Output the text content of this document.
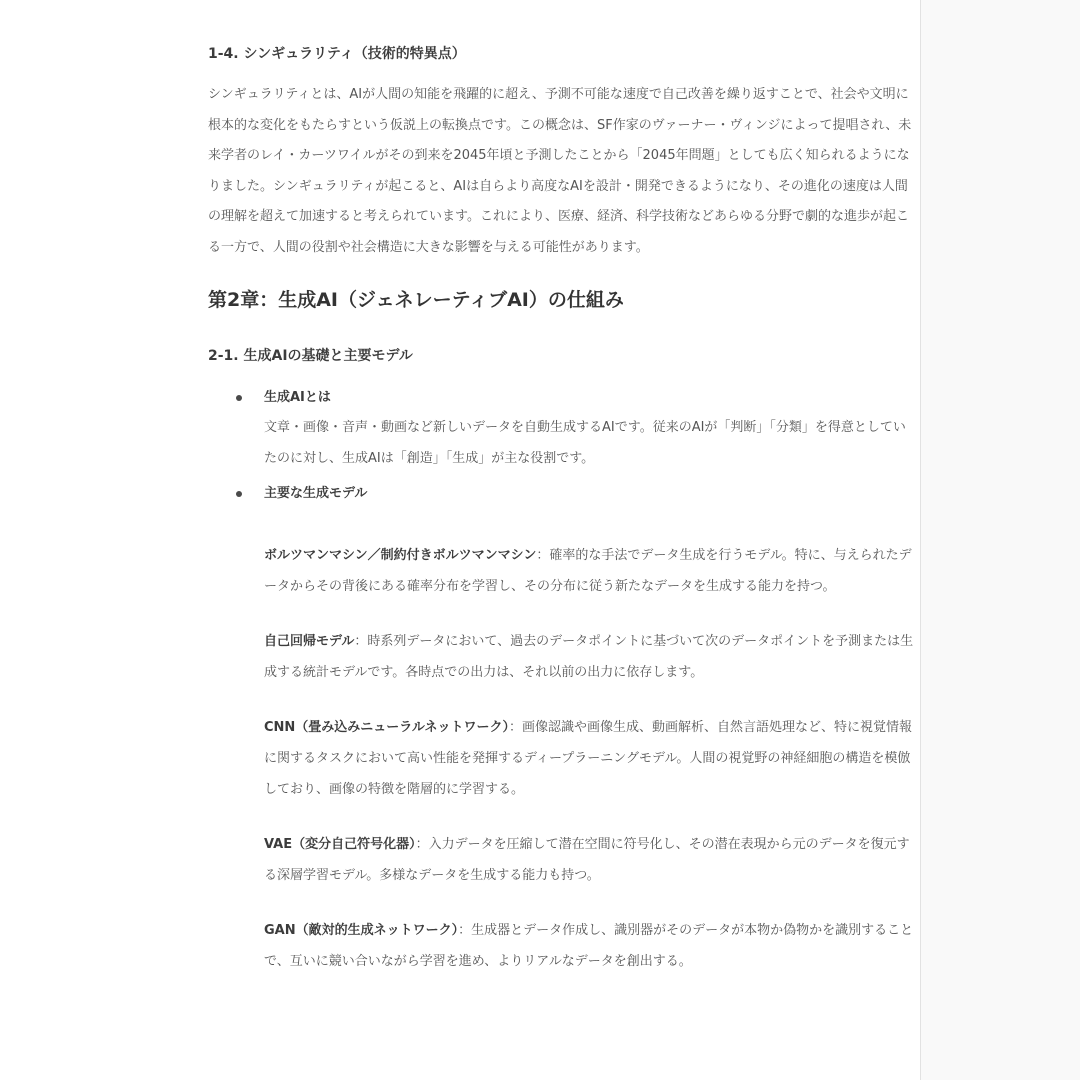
1-4. シンギュラリティ（技術的特異点）

シンギュラリティとは、AIが人間の知能を飛躍的に超え、予測不可能な速度で自己改善を繰り返すことで、社会や文明に根本的な変化をもたらすという仮説上の転換点です。この概念は、SF作家のヴァーナー・ヴィンジによって提唱され、未来学者のレイ・カーツワイルがその到来を2045年頃と予測したことから「2045年問題」としても広く知られるようになりました。シンギュラリティが起こると、AIは自らより高度なAIを設計・開発できるようになり、その進化の速度は人間の理解を超えて加速すると考えられています。これにより、医療、経済、科学技術などあらゆる分野で劇的な進歩が起こる一方で、人間の役割や社会構造に大きな影響を与える可能性があります。

第2章：生成AI（ジェネレーティブAI）の仕組み
2-1. 生成AIの基礎と主要モデル
生成AIとは
文章・画像・音声・動画など新しいデータを自動生成するAIです。従来のAIが「判断」「分類」を得意としていたのに対し、生成AIは「創造」「生成」が主な役割です。
主要な生成モデル

ボルツマンマシン／制約付きボルツマンマシン：確率的な手法でデータ生成を行うモデル。特に、与えられたデータからその背後にある確率分布を学習し、その分布に従う新たなデータを生成する能力を持つ。

自己回帰モデル：時系列データにおいて、過去のデータポイントに基づいて次のデータポイントを予測または生成する統計モデルです。各時点での出力は、それ以前の出力に依存します。

CNN（畳み込みニューラルネットワーク）：画像認識や画像生成、動画解析、自然言語処理など、特に視覚情報に関するタスクにおいて高い性能を発揮するディープラーニングモデル。人間の視覚野の神経細胞の構造を模倣しており、画像の特徴を階層的に学習する。

VAE（変分自己符号化器）：入力データを圧縮して潜在空間に符号化し、その潜在表現から元のデータを復元する深層学習モデル。多様なデータを生成する能力も持つ。

GAN（敵対的生成ネットワーク）：生成器とデータ作成し、識別器がそのデータが本物か偽物かを識別することで、互いに競い合いながら学習を進め、よりリアルなデータを創出する。
